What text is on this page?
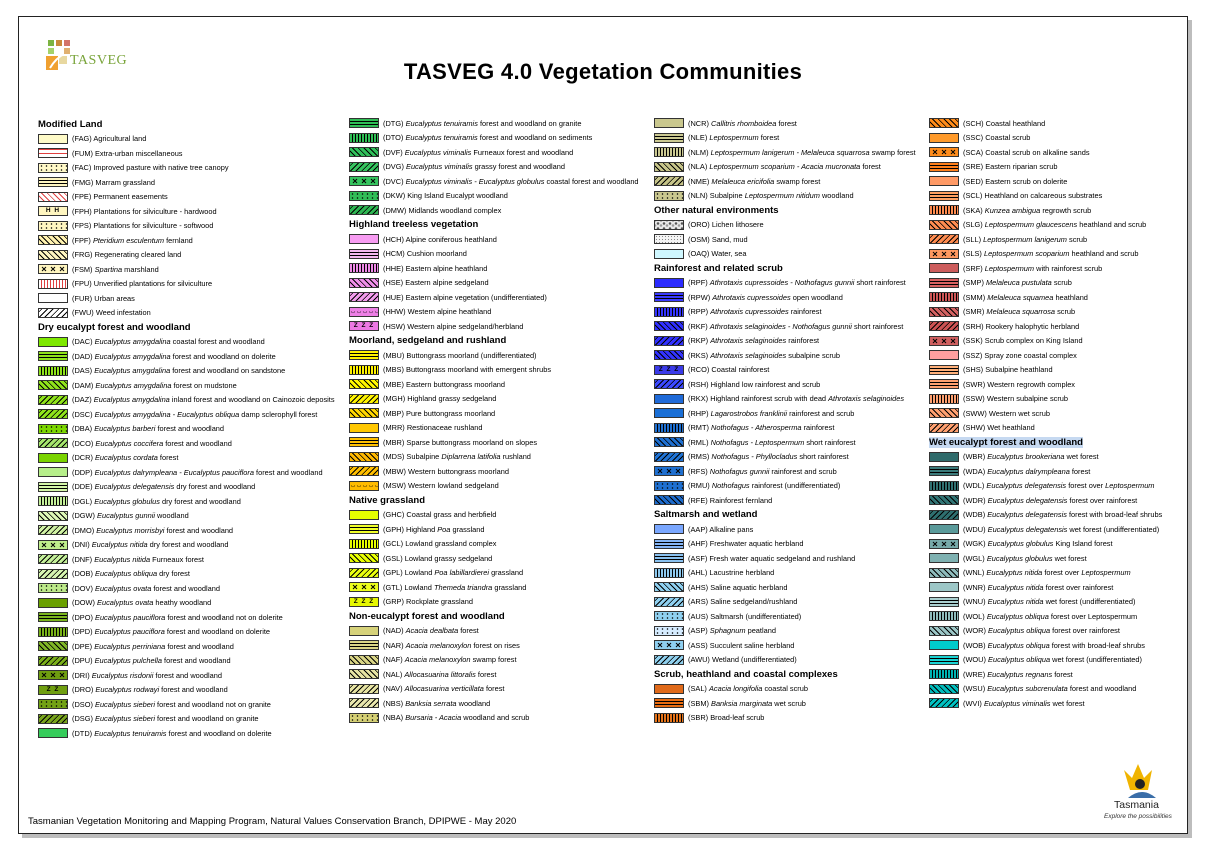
TASVEG	TASVEG 4.0 Vegetation Communities
Modified Land
(FAG) Agricultural land
(FUM) Extra-urban miscellaneous
(FAC) Improved pasture with native tree canopy
(FMG) Marram grassland
(FPE) Permanent easements
H H	(FPH) Plantations for silviculture - hardwood
(FPS) Plantations for silviculture - softwood
(FPF) Pteridium esculentum fernland
(FRG) Regenerating cleared land
(FSM) Spartina marshland
(FPU) Unverified plantations for silviculture
(FUR) Urban areas
(FWU) Weed infestation
Dry eucalypt forest and woodland
(DAC) Eucalyptus amygdalina coastal forest and woodland
(DAD) Eucalyptus amygdalina forest and woodland on dolerite
(DAS) Eucalyptus amygdalina forest and woodland on sandstone
(DAM) Eucalyptus amygdalina forest on mudstone
(DAZ) Eucalyptus amygdalina inland forest and woodland on Cainozoic deposits
(DSC) Eucalyptus amygdalina - Eucalyptus obliqua damp sclerophyll forest
(DBA) Eucalyptus barberi forest and woodland
(DCO) Eucalyptus coccifera forest and woodland
(DCR) Eucalyptus cordata forest
(DDP) Eucalyptus dalrympleana - Eucalyptus pauciflora forest and woodland
(DDE) Eucalyptus delegatensis dry forest and woodland
(DGL) Eucalyptus globulus dry forest and woodland
(DGW) Eucalyptus gunnii woodland
(DMO) Eucalyptus morrisbyi forest and woodland
(DNI) Eucalyptus nitida dry forest and woodland
(DNF) Eucalyptus nitida Furneaux forest
(DOB) Eucalyptus obliqua dry forest
(DOV) Eucalyptus ovata forest and woodland
(DOW) Eucalyptus ovata heathy woodland
(DPO) Eucalyptus pauciflora forest and woodland not on dolerite
(DPD) Eucalyptus pauciflora forest and woodland on dolerite
(DPE) Eucalyptus perriniana forest and woodland
(DPU) Eucalyptus pulchella forest and woodland
(DRI) Eucalyptus risdonii forest and woodland
Z Z	(DRO) Eucalyptus rodwayi forest and woodland
(DSO) Eucalyptus sieberi forest and woodland not on granite
(DSG) Eucalyptus sieberi forest and woodland on granite
(DTD) Eucalyptus tenuiramis forest and woodland on dolerite
(DTG) Eucalyptus tenuiramis forest and woodland on granite
(DTO) Eucalyptus tenuiramis forest and woodland on sediments
(DVF) Eucalyptus viminalis Furneaux forest and woodland
(DVG) Eucalyptus viminalis grassy forest and woodland
(DVC) Eucalyptus viminalis - Eucalyptus globulus coastal forest and woodland
(DKW) King Island Eucalypt woodland
(DMW) Midlands woodland complex
Highland treeless vegetation
(HCH) Alpine coniferous heathland
(HCM) Cushion moorland
(HHE) Eastern alpine heathland
(HSE) Eastern alpine sedgeland
(HUE) Eastern alpine vegetation (undifferentiated)
(HHW) Western alpine heathland
Z Z Z	(HSW) Western alpine sedgeland/herbland
Moorland, sedgeland and rushland
(MBU) Buttongrass moorland (undifferentiated)
(MBS) Buttongrass moorland with emergent shrubs
(MBE) Eastern buttongrass moorland
(MGH) Highland grassy sedgeland
(MBP) Pure buttongrass moorland
(MRR) Restionaceae rushland
(MBR) Sparse buttongrass moorland on slopes
(MDS) Subalpine Diplarrena latifolia rushland
(MBW) Western buttongrass moorland
(MSW) Western lowland sedgeland
Native grassland
(GHC) Coastal grass and herbfield
(GPH) Highland Poa grassland
(GCL) Lowland grassland complex
(GSL) Lowland grassy sedgeland
(GPL) Lowland Poa labillardierei grassland
(GTL) Lowland Themeda triandra grassland
Z Z Z	(GRP) Rockplate grassland
Non-eucalypt forest and woodland
(NAD) Acacia dealbata forest
(NAR) Acacia melanoxylon forest on rises
(NAF) Acacia melanoxylon swamp forest
(NAL) Allocasuarina littoralis forest
(NAV) Allocasuarina verticillata forest
(NBS) Banksia serrata woodland
(NBA) Bursaria - Acacia woodland and scrub
(NCR) Callitris rhomboidea forest
(NLE) Leptospermum forest
(NLM) Leptospermum lanigerum - Melaleuca squarrosa swamp forest
(NLA) Leptospermum scoparium - Acacia mucronata forest
(NME) Melaleuca ericifolia swamp forest
(NLN) Subalpine Leptospermum nitidum woodland
Other natural environments
(ORO) Lichen lithosere
(OSM) Sand, mud
(OAQ) Water, sea
Rainforest and related scrub
(RPF) Athrotaxis cupressoides - Nothofagus gunnii short rainforest
(RPW) Athrotaxis cupressoides open woodland
(RPP) Athrotaxis cupressoides rainforest
(RKF) Athrotaxis selaginoides - Nothofagus gunnii short rainforest
(RKP) Athrotaxis selaginoides rainforest
(RKS) Athrotaxis selaginoides subalpine scrub
Z Z Z	(RCO) Coastal rainforest
(RSH) Highland low rainforest and scrub
(RKX) Highland rainforest scrub with dead Athrotaxis selaginoides
(RHP) Lagarostrobos franklinii rainforest and scrub
(RMT) Nothofagus - Atherosperma rainforest
(RML) Nothofagus - Leptospermum short rainforest
(RMS) Nothofagus - Phyllocladus short rainforest
(RFS) Nothofagus gunnii rainforest and scrub
(RMU) Nothofagus rainforest (undifferentiated)
(RFE) Rainforest fernland
Saltmarsh and wetland
(AAP) Alkaline pans
(AHF) Freshwater aquatic herbland
(ASF) Fresh water aquatic sedgeland and rushland
(AHL) Lacustrine herbland
(AHS) Saline aquatic herbland
(ARS) Saline sedgeland/rushland
(AUS) Saltmarsh (undifferentiated)
(ASP) Sphagnum peatland
(ASS) Succulent saline herbland
(AWU) Wetland (undifferentiated)
Scrub, heathland and coastal complexes
(SAL) Acacia longifolia coastal scrub
(SBM) Banksia marginata wet scrub
(SBR) Broad-leaf scrub
(SCH) Coastal heathland
(SSC) Coastal scrub
(SCA) Coastal scrub on alkaline sands
(SRE) Eastern riparian scrub
(SED) Eastern scrub on dolerite
(SCL) Heathland on calcareous substrates
(SKA) Kunzea ambigua regrowth scrub
(SLG) Leptospermum glaucescens heathland and scrub
(SLL) Leptospermum lanigerum scrub
(SLS) Leptospermum scoparium heathland and scrub
(SRF) Leptospermum with rainforest scrub
(SMP) Melaleuca pustulata scrub
(SMM) Melaleuca squamea heathland
(SMR) Melaleuca squarrosa scrub
(SRH) Rookery halophytic herbland
(SSK) Scrub complex on King Island
(SSZ) Spray zone coastal complex
(SHS) Subalpine heathland
(SWR) Western regrowth complex
(SSW) Western subalpine scrub
(SWW) Western wet scrub
(SHW) Wet heathland
Wet eucalypt forest and woodland
(WBR) Eucalyptus brookeriana wet forest
(WDA) Eucalyptus dalrympleana forest
(WDL) Eucalyptus delegatensis forest over Leptospermum
(WDR) Eucalyptus delegatensis forest over rainforest
(WDB) Eucalyptus delegatensis forest with broad-leaf shrubs
(WDU) Eucalyptus delegatensis wet forest (undifferentiated)
(WGK) Eucalyptus globulus King Island forest
(WGL) Eucalyptus globulus wet forest
(WNL) Eucalyptus nitida forest over Leptospermum
(WNR) Eucalyptus nitida forest over rainforest
(WNU) Eucalyptus nitida wet forest (undifferentiated)
(WOL) Eucalyptus obliqua forest over Leptospermum
(WOR) Eucalyptus obliqua forest over rainforest
(WOB) Eucalyptus obliqua forest with broad-leaf shrubs
(WOU) Eucalyptus obliqua wet forest (undifferentiated)
(WRE) Eucalyptus regnans forest
(WSU) Eucalyptus subcrenulata forest and woodland
(WVI) Eucalyptus viminalis wet forest
Tasmanian Vegetation Monitoring and Mapping Program, Natural Values Conservation Branch, DPIPWE - May 2020
Tasmania
Explore the possibilities
